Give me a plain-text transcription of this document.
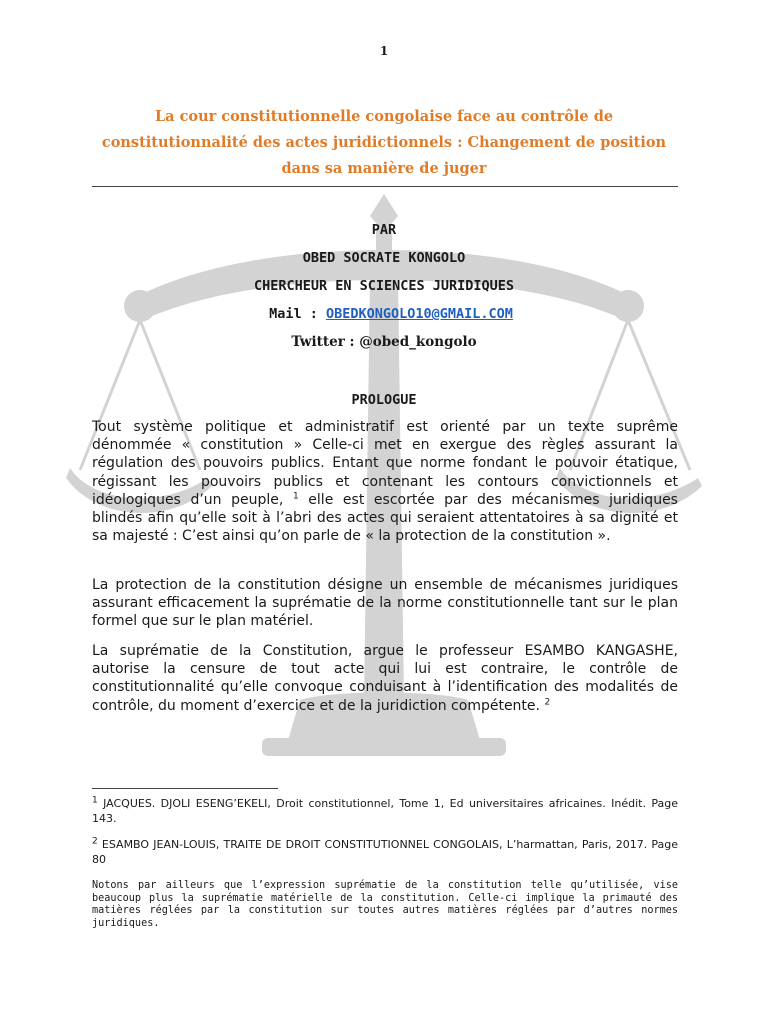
1
La cour constitutionnelle congolaise face au contrôle de constitutionnalité des actes juridictionnels : Changement de position dans sa manière de juger
PAR
OBED SOCRATE KONGOLO
CHERCHEUR EN SCIENCES JURIDIQUES
Mail : OBEDKONGOLO10@GMAIL.COM
Twitter : @obed_kongolo
PROLOGUE
Tout système politique et administratif est orienté par un texte suprême dénommée « constitution » Celle-ci met en exergue des règles assurant la régulation des pouvoirs publics. Entant que norme fondant le pouvoir étatique, régissant les pouvoirs publics et contenant les contours convictionnels et idéologiques d’un peuple, $^1$ elle est escortée par des mécanismes juridiques blindés afin qu’elle soit à l’abri des actes qui seraient attentatoires à sa dignité et sa majesté : C’est ainsi qu’on parle de « la protection de la constitution ».
La protection de la constitution désigne un ensemble de mécanismes juridiques assurant efficacement la suprématie de la norme constitutionnelle tant sur le plan formel que sur le plan matériel.
La suprématie de la Constitution, argue le professeur ESAMBO KANGASHE, autorise la censure de tout acte qui lui est contraire, le contrôle de constitutionnalité qu’elle convoque conduisant à l’identification des modalités de contrôle, du moment d’exercice et de la juridiction compétente. $^2$
$^1$ JACQUES. DJOLI ESENG’EKELI, Droit constitutionnel, Tome 1, Ed universitaires africaines. Inédit. Page 143.
$^2$ ESAMBO JEAN-LOUIS, TRAITE DE DROIT CONSTITUTIONNEL CONGOLAIS, L’harmattan, Paris, 2017. Page 80
Notons par ailleurs que l’expression suprématie de la constitution telle qu’utilisée, vise beaucoup plus la suprématie matérielle de la constitution. Celle-ci implique la primauté des matières réglées par la constitution sur toutes autres matières réglées par d’autres normes juridiques.
